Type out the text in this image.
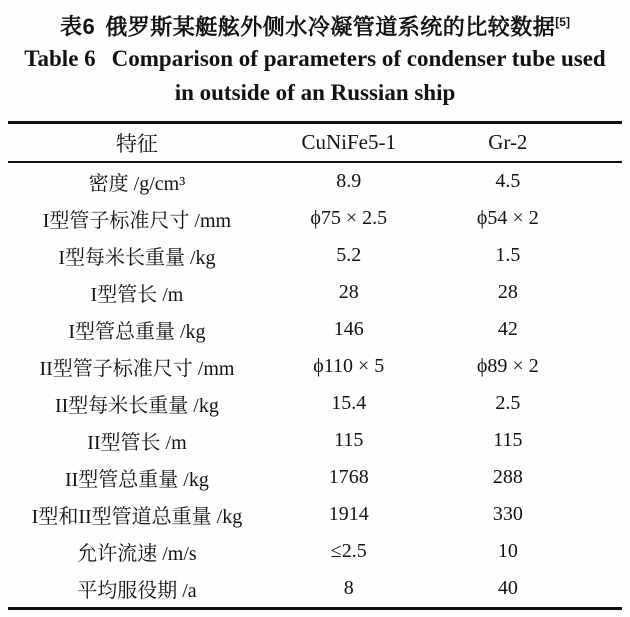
表6 俄罗斯某艇舷外侧水冷凝管道系统的比较数据[5]
Table 6 Comparison of parameters of condenser tube used
in outside of an Russian ship
特征	CuNiFe5-1	Gr-2
密度 /g/cm³	8.9	4.5
I型管子标准尺寸 /mm	ϕ75 × 2.5	ϕ54 × 2
I型每米长重量 /kg	5.2	1.5
I型管长 /m	28	28
I型管总重量 /kg	146	42
II型管子标准尺寸 /mm	ϕ110 × 5	ϕ89 × 2
II型每米长重量 /kg	15.4	2.5
II型管长 /m	115	115
II型管总重量 /kg	1768	288
I型和II型管道总重量 /kg	1914	330
允许流速 /m/s	≤2.5	10
平均服役期 /a	8	40
